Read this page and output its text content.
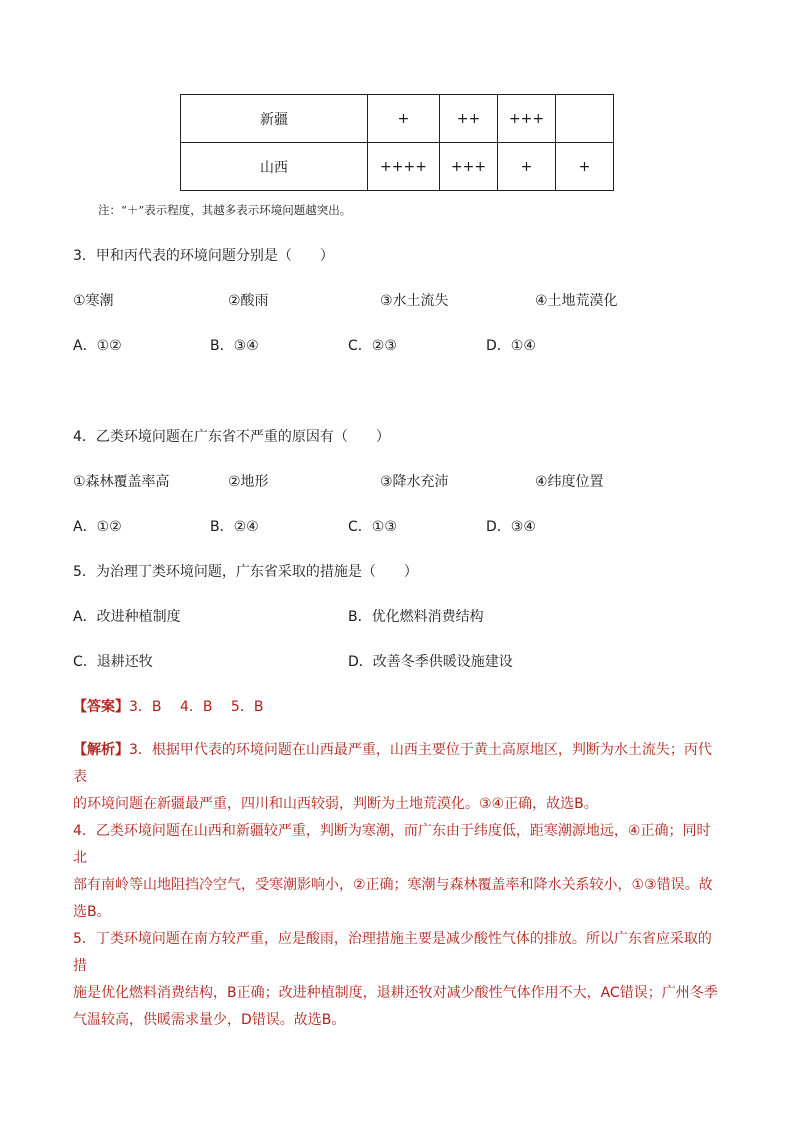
新疆	+	++	+++	
山西	++++	+++	+	+
注：“＋”表示程度，其越多表示环境问题越突出。
3．甲和丙代表的环境问题分别是（　　）
①寒潮	②酸雨	③水土流失	④土地荒漠化
A．①②	B．③④	C．②③	D．①④
4．乙类环境问题在广东省不严重的原因有（　　）
①森林覆盖率高	②地形	③降水充沛	④纬度位置
A．①②	B．②④	C．①③	D．③④
5．为治理丁类环境问题，广东省采取的措施是（　　）
A．改进种植制度	B．优化燃料消费结构
C．退耕还牧	D．改善冬季供暖设施建设
【答案】3．B　 4．B　 5．B
【解析】3．根据甲代表的环境问题在山西最严重，山西主要位于黄土高原地区，判断为水土流失；丙代表
的环境问题在新疆最严重，四川和山西较弱，判断为土地荒漠化。③④正确，故选B。
4．乙类环境问题在山西和新疆较严重，判断为寒潮，而广东由于纬度低，距寒潮源地远，④正确；同时北
部有南岭等山地阻挡冷空气，受寒潮影响小，②正确；寒潮与森林覆盖率和降水关系较小，①③错误。故
选B。
5．丁类环境问题在南方较严重，应是酸雨，治理措施主要是减少酸性气体的排放。所以广东省应采取的措
施是优化燃料消费结构，B正确；改进种植制度，退耕还牧对减少酸性气体作用不大，AC错误；广州冬季
气温较高，供暖需求量少，D错误。故选B。
